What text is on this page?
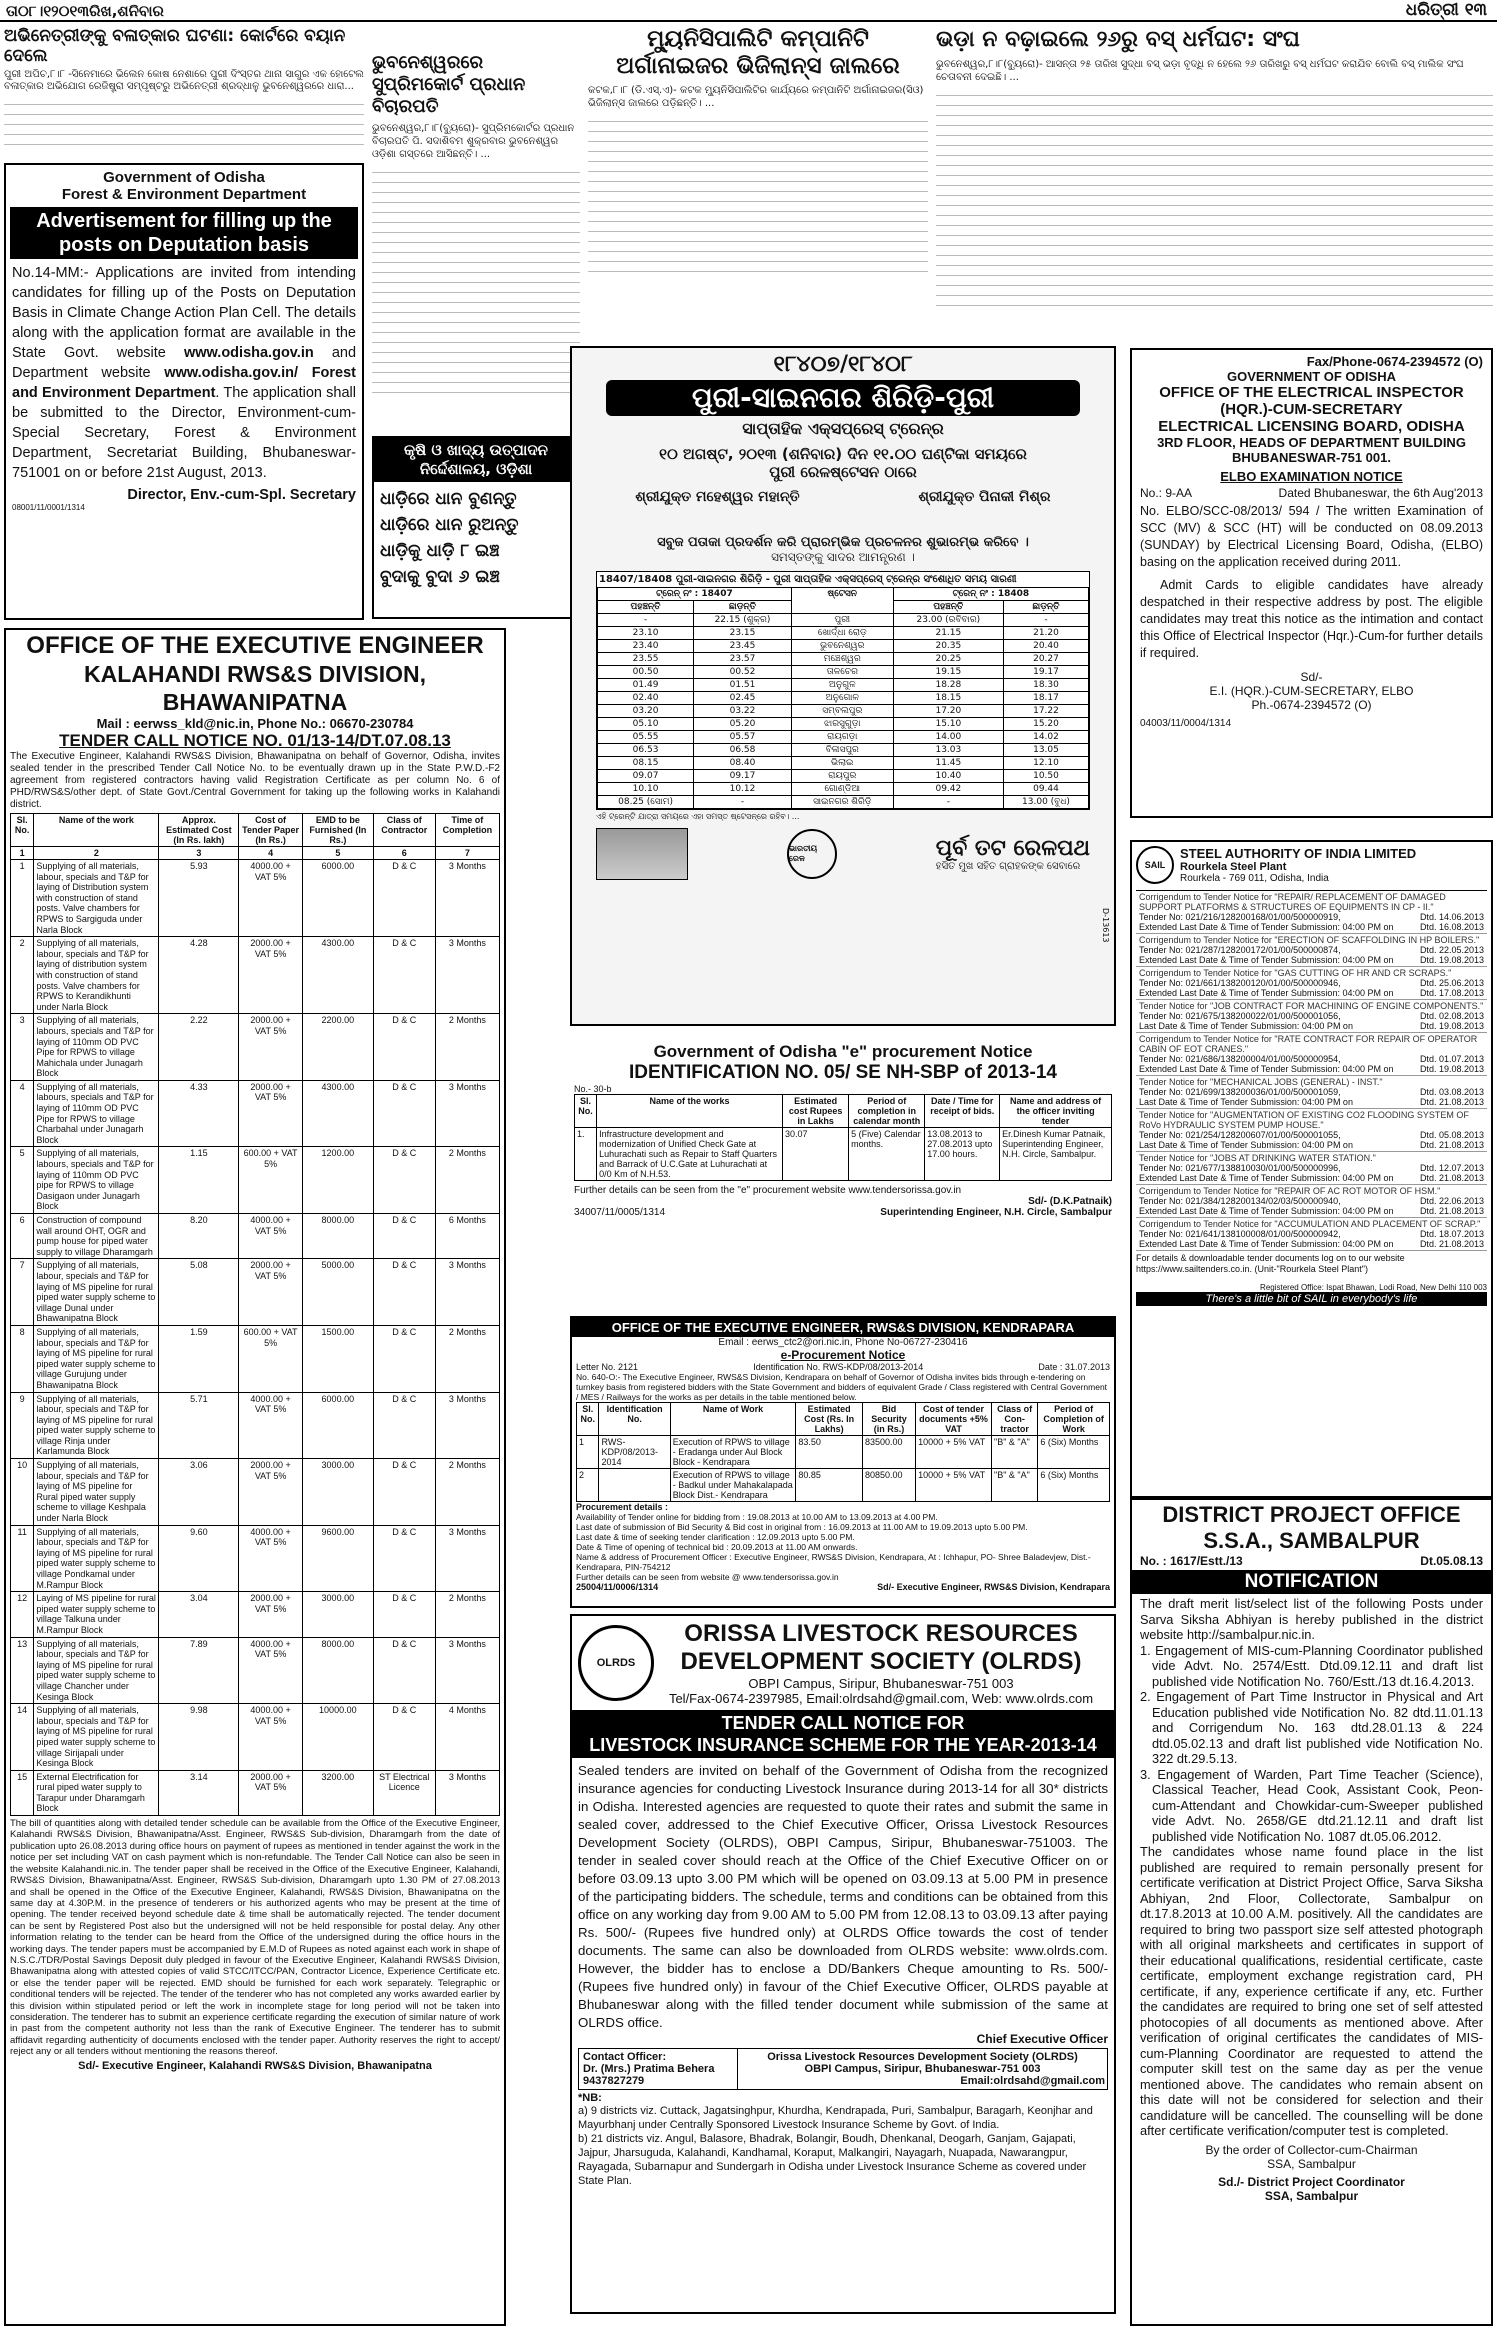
ତା୦୮।୧୨୦୧୩ରିଖ,ଶନିବାର	ଧରିତ୍ରୀ ୧୩
ଅଭିନେତ୍ରୀଙ୍କୁ ବଳାତ୍କାର ଘଟଣା: କୋର୍ଟରେ ବୟାନ ଦେଲେ
ପୁରୀ ଅପିଚ,୮।୮ -ସିନେମାରେ ଭିଲେନ କୋଷ ନେଶାରେ ପୁରୀ ଦିଂସ୍ତର ଥାନା ସାଗୁର ଏକ ହୋଟେଲ ବଳାତ୍କାର ଅଭିଯୋଗ ରେଜିଷ୍ଟ୍ରା ସମ୍ପୃଷ୍ଟରୁ ଅଭିନେତ୍ରୀ ଶ୍ରଦ୍ଧାଳୁ ଭୁବନେଶ୍ୱରରେ ଧାରା...
Government of Odisha
Forest & Environment Department
Advertisement for filling up the posts on Deputation basis
No.14-MM:- Applications are invited from intending candidates for filling up of the Posts on Deputation Basis in Climate Change Action Plan Cell. The details along with the application format are available in the State Govt. website www.odisha.gov.in and Department website www.odisha.gov.in/ Forest and Environment Department. The application shall be submitted to the Director, Environment-cum-Special Secretary, Forest & Environment Department, Secretariat Building, Bhubaneswar-751001 on or before 21st August, 2013.
Director, Env.-cum-Spl. Secretary
08001/11/0001/1314
ଭୁବନେଶ୍ୱରରେ ସୁପ୍ରିମକୋର୍ଟ ପ୍ରଧାନ ବିଚାରପତି
ଭୁବନେଶ୍ୱର,୮।୮(ବ୍ୟୁରୋ)- ସୁପ୍ରିମକୋର୍ଟର ପ୍ରଧାନ ବିଚାରପତି ପି. ସଦାଶିବମ ଶୁକ୍ରବାର ଭୁବନେଶ୍ୱର ଓଡ଼ିଶା ଗସ୍ତରେ ଆସିଛନ୍ତି। ...
କୃଷି ଓ ଖାଦ୍ୟ ଉତ୍ପାଦନ
ନିର୍ଦ୍ଦେଶାଳୟ, ଓଡ଼ିଶା
ଧାଡ଼ିରେ ଧାନ ବୁଣନ୍ତୁ
ଧାଡ଼ିରେ ଧାନ ରୁଅନ୍ତୁ
ଧାଡ଼ିକୁ ଧାଡ଼ି ୮ ଇଞ୍ଚ
ବୁଦାକୁ ବୁଦା ୬ ଇଞ୍ଚ
ମ୍ୟୁନିସିପାଲିଟି କମ୍ପାନିଟି ଅର୍ଗାନାଇଜର ଭିଜିଲାନ୍ସ ଜାଲରେ
କଟକ,୮।୮ (ଡି.ଏସ୍.ଏ)- କଟକ ମ୍ୟୁନିସିପାଲିଟିର କାର୍ଯ୍ୟରେ କମ୍ପାନିଟି ଅର୍ଗାନାଇଜର(ସିଓ) ଭିଜିଲାନ୍ସ ଜାଲରେ ପଡ଼ିଛନ୍ତି। ...
ଭଡ଼ା ନ ବଢ଼ାଇଲେ ୨୬ରୁ ବସ୍ ଧର୍ମଘଟ: ସଂଘ
ଭୁବନେଶ୍ୱର,୮।୮(ବ୍ୟୁରୋ)- ଆସନ୍ତା ୨୫ ତାରିଖ ସୁଦ୍ଧା ବସ୍ ଭଡ଼ା ବୃଦ୍ଧି ନ ହେଲେ ୨୬ ତାରିଖରୁ ବସ୍ ଧର୍ମଘଟ କରାଯିବ ବୋଲି ବସ୍ ମାଲିକ ସଂଘ ଚେତାବନୀ ଦେଇଛି। ...
୧୮୪୦୭/୧୮୪୦୮
ପୁରୀ-ସାଇନଗର ଶିରିଡ଼ି-ପୁରୀ
ସାପ୍ତାହିକ ଏକ୍ସପ୍ରେସ୍ ଟ୍ରେନ୍‌ର
୧୦ ଅଗଷ୍ଟ, ୨୦୧୩ (ଶନିବାର) ଦିନ ୧୧.୦୦ ଘଣ୍ଟିକା ସମୟରେ
ପୁରୀ ରେଳଷ୍ଟେସନ ଠାରେ
ଶ୍ରୀଯୁକ୍ତ ମହେଶ୍ୱର ମହାନ୍ତି	ଶ୍ରୀଯୁକ୍ତ ପିନାକୀ ମିଶ୍ର
ସବୁଜ ପତାକା ପ୍ରଦର୍ଶନ କରି ପ୍ରାରମ୍ଭିକ ପ୍ରଚଳନର ଶୁଭାରମ୍ଭ କରିବେ ।
ସମସ୍ତଙ୍କୁ ସାଦର ଆମନ୍ତ୍ରଣ ।
18407/18408 ପୁରୀ-ସାଇନଗର ଶିରିଡ଼ି - ପୁରୀ ସାପ୍ତାହିକ ଏକ୍ସପ୍ରେସ୍ ଟ୍ରେନ୍ର ସଂଶୋଧିତ ସମୟ ସାରଣୀ
ଟ୍ରେନ୍ ନଂ : 18407		ଷ୍ଟେସନ	ଟ୍ରେନ୍ ନଂ : 18408	
ପହଞ୍ଚନ୍ତି	ଛାଡ଼ନ୍ତି		ପହଞ୍ଚନ୍ତି	ଛାଡ଼ନ୍ତି
-	22.15 (ଶୁକ୍ର)	ପୁରୀ	23.00 (ରବିବାର)	-
23.10	23.15	ଖୋର୍ଦ୍ଧା ରୋଡ଼	21.15	21.20
23.40	23.45	ଭୁବନେଶ୍ୱର	20.35	20.40
23.55	23.57	ମଞ୍ଚେଶ୍ୱର	20.25	20.27
00.50	00.52	ତାଳଚେର	19.15	19.17
01.49	01.51	ଅନୁଗୁଳ	18.28	18.30
02.40	02.45	ଅନୁଗୋଳ	18.15	18.17
03.20	03.22	ସମ୍ବଲପୁର	17.20	17.22
05.10	05.20	ଝାରସୁଗୁଡ଼ା	15.10	15.20
05.55	05.57	ରାୟଗଡ଼ା	14.00	14.02
06.53	06.58	ବିଳାସପୁର	13.03	13.05
08.15	08.40	ଭିଲାଇ	11.45	12.10
09.07	09.17	ରାୟପୁର	10.40	10.50
10.10	10.12	ଗୋଣ୍ଡିଆ	09.42	09.44
08.25 (ସୋମ)	-	ସାଇନଗର ଶିରିଡ଼ି	-	13.00 (ବୁଧ)
ଏହି ଟ୍ରେନ୍‌ଟି ଯାତ୍ରା ସମୟରେ ଏହା ସମସ୍ତ ଷ୍ଟେସନ୍‌ରେ ରହିବ। ...
ଭାରତୀୟ ରେଳ	ପୂର୍ବ ତଟ ରେଳପଥ
ହସିତ ମୁଖ ସହିତ ଗ୍ରାହକଙ୍କ ସେବାରେ
D-13613
Government of Odisha "e" procurement Notice
IDENTIFICATION NO. 05/ SE NH-SBP of 2013-14
No.- 30-b
Sl. No.	Name of the works	Estimated cost Rupees in Lakhs	Period of completion in calendar month	Date / Time for receipt of bids.	Name and address of the officer inviting tender
1.	Infrastructure development and modernization of Unified Check Gate at Luhurachati such as Repair to Staff Quarters and Barrack of U.C.Gate at Luhurachati at 0/0 Km of N.H.53.	30.07	5 (Five) Calendar months.	13.08.2013 to 27.08.2013 upto 17.00 hours.	Er.Dinesh Kumar Patnaik, Superintending Engineer, N.H. Circle, Sambalpur.
Further details can be seen from the "e" procurement website www.tendersorissa.gov.in
Sd/- (D.K.Patnaik)
34007/11/0005/1314	Superintending Engineer, N.H. Circle, Sambalpur
OFFICE OF THE EXECUTIVE ENGINEER, RWS&S DIVISION, KENDRAPARA
Email : eerws_ctc2@ori.nic.in, Phone No-06727-230416
e-Procurement Notice
Letter No. 2121	Identification No. RWS-KDP/08/2013-2014	Date : 31.07.2013
No. 640-O:- The Executive Engineer, RWS&S Division, Kendrapara on behalf of Governor of Odisha invites bids through e-tendering on turnkey basis from registered bidders with the State Government and bidders of equivalent Grade / Class registered with Central Government / MES / Railways for the works as per details in the table mentioned below.
Sl. No.	Identification No.	Name of Work	Estimated Cost (Rs. In Lakhs)	Bid Security (in Rs.)	Cost of tender documents +5% VAT	Class of Con-tractor	Period of Completion of Work
1	RWS-KDP/08/2013-2014	Execution of RPWS to village - Eradanga under Aul Block Block - Kendrapara	83.50	83500.00	10000 + 5% VAT	"B" & "A"	6 (Six) Months
2		Execution of RPWS to village - Badkul under Mahakalapada Block Dist.- Kendrapara	80.85	80850.00	10000 + 5% VAT	"B" & "A"	6 (Six) Months
Procurement details :
Availability of Tender online for bidding from : 19.08.2013 at 10.00 AM to 13.09.2013 at 4.00 PM.
Last date of submission of Bid Security & Bid cost in original from : 16.09.2013 at 11.00 AM to 19.09.2013 upto 5.00 PM.
Last date & time of seeking tender clarification : 12.09.2013 upto 5.00 PM.
Date & Time of opening of technical bid : 20.09.2013 at 11.00 AM onwards.
Name & address of Procurement Officer : Executive Engineer, RWS&S Division, Kendrapara, At : Ichhapur, PO- Shree Baladevjew, Dist.- Kendrapara, PIN-754212
Further details can be seen from website @ www.tendersorissa.gov.in
25004/11/0006/1314	Sd/- Executive Engineer, RWS&S Division, Kendrapara
OLRDS
ORISSA LIVESTOCK RESOURCES
DEVELOPMENT SOCIETY (OLRDS)
OBPI Campus, Siripur, Bhubaneswar-751 003
Tel/Fax-0674-2397985, Email:olrdsahd@gmail.com, Web: www.olrds.com
TENDER CALL NOTICE FOR
LIVESTOCK INSURANCE SCHEME FOR THE YEAR-2013-14
Sealed tenders are invited on behalf of the Government of Odisha from the recognized insurance agencies for conducting Livestock Insurance during 2013-14 for all 30* districts in Odisha. Interested agencies are requested to quote their rates and submit the same in sealed cover, addressed to the Chief Executive Officer, Orissa Livestock Resources Development Society (OLRDS), OBPI Campus, Siripur, Bhubaneswar-751003. The tender in sealed cover should reach at the Office of the Chief Executive Officer on or before 03.09.13 upto 3.00 PM which will be opened on 03.09.13 at 5.00 PM in presence of the participating bidders. The schedule, terms and conditions can be obtained from this office on any working day from 9.00 AM to 5.00 PM from 12.08.13 to 03.09.13 after paying Rs. 500/- (Rupees five hundred only) at OLRDS Office towards the cost of tender documents. The same can also be downloaded from OLRDS website: www.olrds.com. However, the bidder has to enclose a DD/Bankers Cheque amounting to Rs. 500/- (Rupees five hundred only) in favour of the Chief Executive Officer, OLRDS payable at Bhubaneswar along with the filled tender document while submission of the same at OLRDS office.
Chief Executive Officer
Contact Officer:
Dr. (Mrs.) Pratima Behera
9437827279
Orissa Livestock Resources Development Society (OLRDS)
OBPI Campus, Siripur, Bhubaneswar-751 003
Email:olrdsahd@gmail.com
*NB:
a) 9 districts viz. Cuttack, Jagatsinghpur, Khurdha, Kendrapada, Puri, Sambalpur, Baragarh, Keonjhar and Mayurbhanj under Centrally Sponsored Livestock Insurance Scheme by Govt. of India.
b) 21 districts viz. Angul, Balasore, Bhadrak, Bolangir, Boudh, Dhenkanal, Deogarh, Ganjam, Gajapati, Jajpur, Jharsuguda, Kalahandi, Kandhamal, Koraput, Malkangiri, Nayagarh, Nuapada, Nawarangpur, Rayagada, Subarnapur and Sundergarh in Odisha under Livestock Insurance Scheme as covered under State Plan.
OFFICE OF THE EXECUTIVE ENGINEER
KALAHANDI RWS&S DIVISION, BHAWANIPATNA
Mail : eerwss_kld@nic.in, Phone No.: 06670-230784
TENDER CALL NOTICE NO. 01/13-14/DT.07.08.13
The Executive Engineer, Kalahandi RWS&S Division, Bhawanipatna on behalf of Governor, Odisha, invites sealed tender in the prescribed Tender Call Notice No. to be eventually drawn up in the State P.W.D.-F2 agreement from registered contractors having valid Registration Certificate as per column No. 6 of PHD/RWS&S/other dept. of State Govt./Central Government for taking up the following works in Kalahandi district.
Sl. No.	Name of the work	Approx. Estimated Cost (In Rs. lakh)	Cost of Tender Paper (In Rs.)	EMD to be Furnished (In Rs.)	Class of Contractor	Time of Completion
1	2	3	4	5	6	7
1	Supplying of all materials, labour, specials and T&P for laying of Distribution system with construction of stand posts. Valve chambers for RPWS to Sargiguda under Narla Block	5.93	4000.00 + VAT 5%	6000.00	D & C	3 Months
2	Supplying of all materials, labour, specials and T&P for laying of distribution system with construction of stand posts. Valve chambers for RPWS to Kerandikhunti under Narla Block	4.28	2000.00 + VAT 5%	4300.00	D & C	3 Months
3	Supplying of all materials, labours, specials and T&P for laying of 110mm OD PVC Pipe for RPWS to village Mahichala under Junagarh Block	2.22	2000.00 + VAT 5%	2200.00	D & C	2 Months
4	Supplying of all materials, labours, specials and T&P for laying of 110mm OD PVC Pipe for RPWS to village Charbahal under Junagarh Block	4.33	2000.00 + VAT 5%	4300.00	D & C	3 Months
5	Supplying of all materials, labours, specials and T&P for laying of 110mm OD PVC pipe for RPWS to village Dasigaon under Junagarh Block	1.15	600.00 + VAT 5%	1200.00	D & C	2 Months
6	Construction of compound wall around OHT, OGR and pump house for piped water supply to village Dharamgarh	8.20	4000.00 + VAT 5%	8000.00	D & C	6 Months
7	Supplying of all materials, labour, specials and T&P for laying of MS pipeline for rural piped water supply scheme to village Dunal under Bhawanipatna Block	5.08	2000.00 + VAT 5%	5000.00	D & C	3 Months
8	Supplying of all materials, labour, specials and T&P for laying of MS pipeline for rural piped water supply scheme to village Gurujung under Bhawanipatna Block	1.59	600.00 + VAT 5%	1500.00	D & C	2 Months
9	Supplying of all materials, labour, specials and T&P for laying of MS pipeline for rural piped water supply scheme to village Rinja under Karlamunda Block	5.71	4000.00 + VAT 5%	6000.00	D & C	3 Months
10	Supplying of all materials, labour, specials and T&P for laying of MS pipeline for Rural piped water supply scheme to village Keshpala under Narla Block	3.06	2000.00 + VAT 5%	3000.00	D & C	2 Months
11	Supplying of all materials, labour, specials and T&P for laying of MS pipeline for rural piped water supply scheme to village Pondkamal under M.Rampur Block	9.60	4000.00 + VAT 5%	9600.00	D & C	3 Months
12	Laying of MS pipeline for rural piped water supply scheme to village Talkuna under M.Rampur Block	3.04	2000.00 + VAT 5%	3000.00	D & C	2 Months
13	Supplying of all materials, labour, specials and T&P for laying of MS pipeline for rural piped water supply scheme to village Chancher under Kesinga Block	7.89	4000.00 + VAT 5%	8000.00	D & C	3 Months
14	Supplying of all materials, labour, specials and T&P for laying of MS pipeline for rural piped water supply scheme to village Sirijapali under Kesinga Block	9.98	4000.00 + VAT 5%	10000.00	D & C	4 Months
15	External Electrification for rural piped water supply to Tarapur under Dharamgarh Block	3.14	2000.00 + VAT 5%	3200.00	ST Electrical Licence	3 Months
The bill of quantities along with detailed tender schedule can be available from the Office of the Executive Engineer, Kalahandi RWS&S Division, Bhawanipatna/Asst. Engineer, RWS&S Sub-division, Dharamgarh from the date of publication upto 26.08.2013 during office hours on payment of rupees as mentioned in tender against the work in the notice per set including VAT on cash payment which is non-refundable. The Tender Call Notice can also be seen in the website Kalahandi.nic.in. The tender paper shall be received in the Office of the Executive Engineer, Kalahandi, RWS&S Division, Bhawanipatna/Asst. Engineer, RWS&S Sub-division, Dharamgarh upto 1.30 PM of 27.08.2013 and shall be opened in the Office of the Executive Engineer, Kalahandi, RWS&S Division, Bhawanipatna on the same day at 4.30P.M. in the presence of tenderers or his authorized agents who may be present at the time of opening. The tender received beyond schedule date & time shall be automatically rejected. The tender document can be sent by Registered Post also but the undersigned will not be held responsible for postal delay. Any other information relating to the tender can be heard from the Office of the undersigned during the office hours in the working days. The tender papers must be accompanied by E.M.D of Rupees as noted against each work in shape of N.S.C./TDR/Postal Savings Deposit duly pledged in favour of the Executive Engineer, Kalahandi RWS&S Division, Bhawanipatna along with attested copies of valid STCC/ITCC/PAN, Contractor Licence, Experience Certificate etc. or else the tender paper will be rejected. EMD should be furnished for each work separately. Telegraphic or conditional tenders will be rejected. The tender of the tenderer who has not completed any works awarded earlier by this division within stipulated period or left the work in incomplete stage for long period will not be taken into consideration. The tenderer has to submit an experience certificate regarding the execution of similar nature of work in past from the competent authority not less than the rank of Executive Engineer. The tenderer has to submit affidavit regarding authenticity of documents enclosed with the tender paper. Authority reserves the right to accept/ reject any or all tenders without mentioning the reasons thereof.
Sd/- Executive Engineer, Kalahandi RWS&S Division, Bhawanipatna
Fax/Phone-0674-2394572 (O)
GOVERNMENT OF ODISHA
OFFICE OF THE ELECTRICAL INSPECTOR
(HQR.)-CUM-SECRETARY
ELECTRICAL LICENSING BOARD, ODISHA
3RD FLOOR, HEADS OF DEPARTMENT BUILDING
BHUBANESWAR-751 001.
ELBO EXAMINATION NOTICE
No.: 9-AA	Dated Bhubaneswar, the 6th Aug'2013
No. ELBO/SCC-08/2013/ 594 / The written Examination of SCC (MV) & SCC (HT) will be conducted on 08.09.2013 (SUNDAY) by Electrical Licensing Board, Odisha, (ELBO) basing on the application received during 2011.
Admit Cards to eligible candidates have already despatched in their respective address by post. The eligible candidates may treat this notice as the intimation and contact this Office of Electrical Inspector (Hqr.)-Cum-for further details if required.
Sd/-
E.I. (HQR.)-CUM-SECRETARY, ELBO
Ph.-0674-2394572 (O)
04003/11/0004/1314
SAIL
STEEL AUTHORITY OF INDIA LIMITED
Rourkela Steel Plant
Rourkela - 769 011, Odisha, India
Corrigendum to Tender Notice for "REPAIR/ REPLACEMENT OF DAMAGED SUPPORT PLATFORMS & STRUCTURES OF EQUIPMENTS IN CP - II."
Tender No: 021/216/128200168/01/00/500000919,	Dtd. 14.06.2013
Extended Last Date & Time of Tender Submission: 04:00 PM on	Dtd. 16.08.2013
Corrigendum to Tender Notice for "ERECTION OF SCAFFOLDING IN HP BOILERS."
Tender No: 021/287/128200172/01/00/500000874,	Dtd. 22.05.2013
Extended Last Date & Time of Tender Submission: 04:00 PM on	Dtd. 19.08.2013
Corrigendum to Tender Notice for "GAS CUTTING OF HR AND CR SCRAPS."
Tender No: 021/661/138200120/01/00/500000946,	Dtd. 25.06.2013
Extended Last Date & Time of Tender Submission: 04:00 PM on	Dtd. 17.08.2013
Tender Notice for "JOB CONTRACT FOR MACHINING OF ENGINE COMPONENTS."
Tender No: 021/675/138200022/01/00/500001056,	Dtd. 02.08.2013
Last Date & Time of Tender Submission: 04:00 PM on	Dtd. 19.08.2013
Corrigendum to Tender Notice for "RATE CONTRACT FOR REPAIR OF OPERATOR CABIN OF EOT CRANES."
Tender No: 021/686/138200004/01/00/500000954,	Dtd. 01.07.2013
Extended Last Date & Time of Tender Submission: 04:00 PM on	Dtd. 19.08.2013
Tender Notice for "MECHANICAL JOBS (GENERAL) - INST."
Tender No: 021/699/138200036/01/00/500001059,	Dtd. 03.08.2013
Last Date & Time of Tender Submission: 04:00 PM on	Dtd. 21.08.2013
Tender Notice for "AUGMENTATION OF EXISTING CO2 FLOODING SYSTEM OF RoVo HYDRAULIC SYSTEM PUMP HOUSE."
Tender No: 021/254/128200607/01/00/500001055,	Dtd. 05.08.2013
Last Date & Time of Tender Submission: 04:00 PM on	Dtd. 21.08.2013
Tender Notice for "JOBS AT DRINKING WATER STATION."
Tender No: 021/677/138810030/01/00/500000996,	Dtd. 12.07.2013
Extended Last Date & Time of Tender Submission: 04:00 PM on	Dtd. 21.08.2013
Corrigendum to Tender Notice for "REPAIR OF AC ROT MOTOR OF HSM."
Tender No: 021/384/128200134/02/03/500000940,	Dtd. 22.06.2013
Extended Last Date & Time of Tender Submission: 04:00 PM on	Dtd. 21.08.2013
Corrigendum to Tender Notice for "ACCUMULATION AND PLACEMENT OF SCRAP."
Tender No: 021/641/138100008/01/00/500000942,	Dtd. 18.07.2013
Extended Last Date & Time of Tender Submission: 04:00 PM on	Dtd. 21.08.2013
For details & downloadable tender documents log on to our website https://www.sailtenders.co.in. (Unit-"Rourkela Steel Plant")
Registered Office: Ispat Bhawan, Lodi Road, New Delhi 110 003
There's a little bit of SAIL in everybody's life
DISTRICT PROJECT OFFICE
S.S.A., SAMBALPUR
No. : 1617/Estt./13	Dt.05.08.13
NOTIFICATION
The draft merit list/select list of the following Posts under Sarva Siksha Abhiyan is hereby published in the district website http://sambalpur.nic.in.
1. Engagement of MIS-cum-Planning Coordinator published vide Advt. No. 2574/Estt. Dtd.09.12.11 and draft list published vide Notification No. 760/Estt./13 dt.16.4.2013.
2. Engagement of Part Time Instructor in Physical and Art Education published vide Notification No. 82 dtd.11.01.13 and Corrigendum No. 163 dtd.28.01.13 & 224 dtd.05.02.13 and draft list published vide Notification No. 322 dt.29.5.13.
3. Engagement of Warden, Part Time Teacher (Science), Classical Teacher, Head Cook, Assistant Cook, Peon-cum-Attendant and Chowkidar-cum-Sweeper published vide Advt. No. 2658/GE dtd.21.12.11 and draft list published vide Notification No. 1087 dt.05.06.2012.
The candidates whose name found place in the list published are required to remain personally present for certificate verification at District Project Office, Sarva Siksha Abhiyan, 2nd Floor, Collectorate, Sambalpur on dt.17.8.2013 at 10.00 A.M. positively. All the candidates are required to bring two passport size self attested photograph with all original marksheets and certificates in support of their educational qualifications, residential certificate, caste certificate, employment exchange registration card, PH certificate, if any, experience certificate if any, etc. Further the candidates are required to bring one set of self attested photocopies of all documents as mentioned above. After verification of original certificates the candidates of MIS-cum-Planning Coordinator are requested to attend the computer skill test on the same day as per the venue mentioned above. The candidates who remain absent on this date will not be considered for selection and their candidature will be cancelled. The counselling will be done after certificate verification/computer test is completed.
By the order of Collector-cum-Chairman
SSA, Sambalpur
Sd./- District Project Coordinator
SSA, Sambalpur
